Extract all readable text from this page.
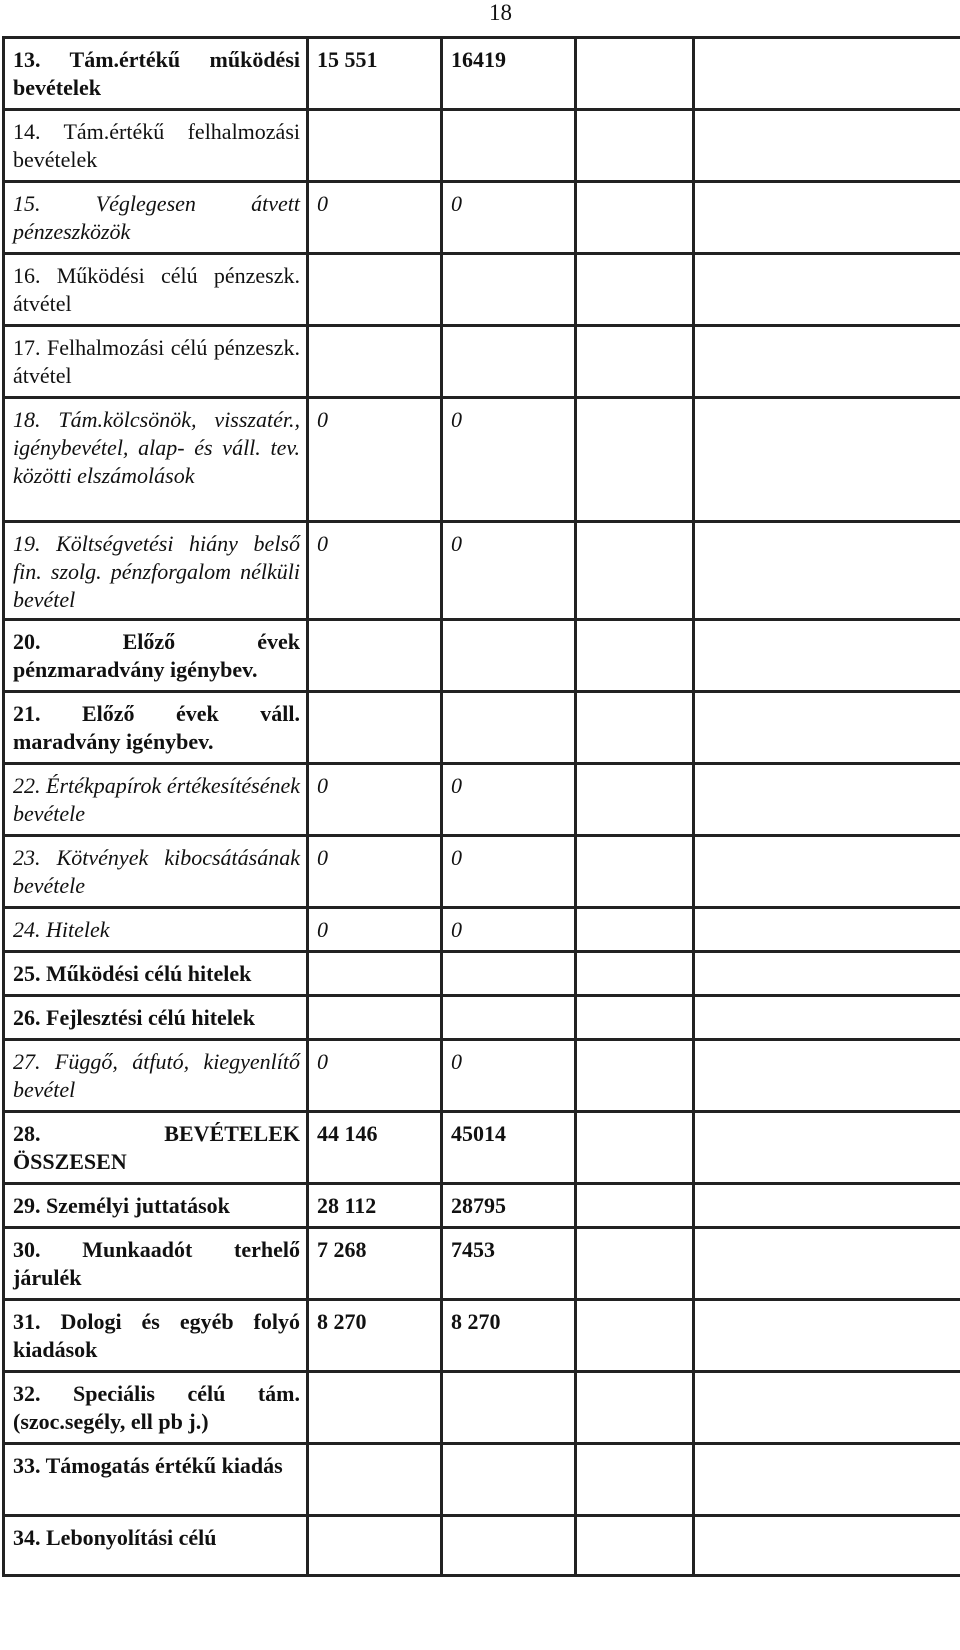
18
13. Tám.értékű működési bevételek	15 551	16419		
14. Tám.értékű felhalmozási bevételek				
15. Véglegesen átvett pénzeszközök	0	0		
16. Működési célú pénzeszk. átvétel				
17. Felhalmozási célú pénzeszk. átvétel				
18. Tám.kölcsönök, visszatér., igénybevétel, alap- és váll. tev. közötti elszámolások	0	0		
19. Költségvetési hiány belső fin. szolg. pénzforgalom nélküli bevétel	0	0		
20. Előző évek pénzmaradvány igénybev.				
21. Előző évek váll. maradvány igénybev.				
22. Értékpapírok értékesítésének bevétele	0	0		
23. Kötvények kibocsátásának bevétele	0	0		
24. Hitelek	0	0		
25. Működési célú hitelek				
26. Fejlesztési célú hitelek				
27. Függő, átfutó, kiegyenlítő bevétel	0	0		
28. BEVÉTELEK ÖSSZESEN	44 146	45014		
29. Személyi juttatások	28 112	28795		
30. Munkaadót terhelő járulék	7 268	7453		
31. Dologi és egyéb folyó kiadások	8 270	8 270		
32. Speciális célú tám. (szoc.segély, ell pb j.)				
33. Támogatás értékű kiadás				
34. Lebonyolítási célú				
